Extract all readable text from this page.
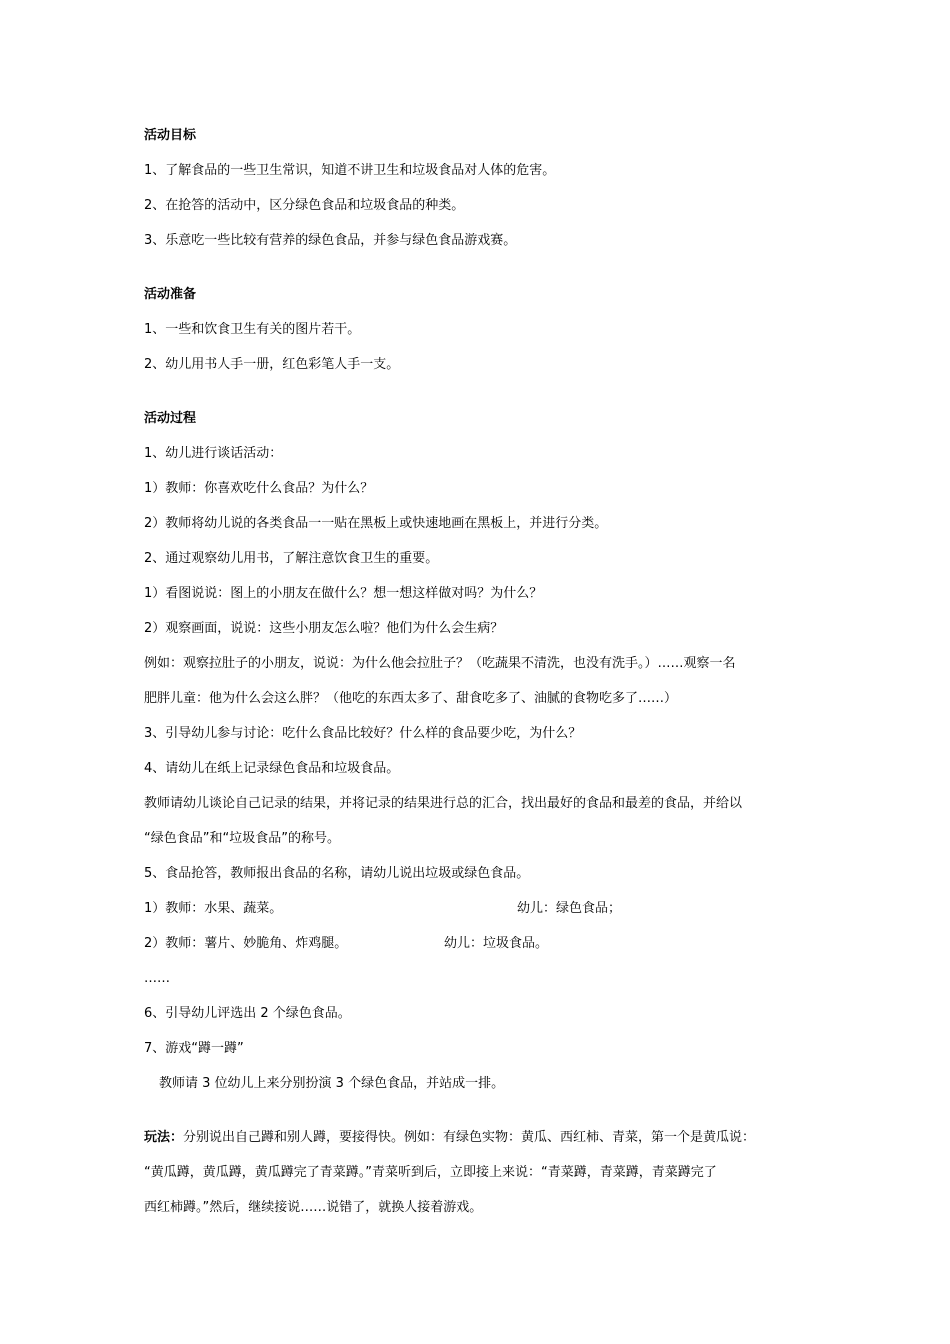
活动目标
1、了解食品的一些卫生常识，知道不讲卫生和垃圾食品对人体的危害。
2、在抢答的活动中，区分绿色食品和垃圾食品的种类。
3、乐意吃一些比较有营养的绿色食品，并参与绿色食品游戏赛。
活动准备
1、一些和饮食卫生有关的图片若干。
2、幼儿用书人手一册，红色彩笔人手一支。
活动过程
1、幼儿进行谈话活动：
1）教师：你喜欢吃什么食品？为什么？
2）教师将幼儿说的各类食品一一贴在黑板上或快速地画在黑板上，并进行分类。
2、通过观察幼儿用书，了解注意饮食卫生的重要。
1）看图说说：图上的小朋友在做什么？想一想这样做对吗？为什么？
2）观察画面，说说：这些小朋友怎么啦？他们为什么会生病？
例如：观察拉肚子的小朋友，说说：为什么他会拉肚子？（吃蔬果不清洗，也没有洗手。）……观察一名
肥胖儿童：他为什么会这么胖？（他吃的东西太多了、甜食吃多了、油腻的食物吃多了……）
3、引导幼儿参与讨论：吃什么食品比较好？什么样的食品要少吃，为什么？
4、请幼儿在纸上记录绿色食品和垃圾食品。
教师请幼儿谈论自己记录的结果，并将记录的结果进行总的汇合，找出最好的食品和最差的食品，并给以
“绿色食品”和“垃圾食品”的称号。
5、食品抢答，教师报出食品的名称，请幼儿说出垃圾或绿色食品。
1）教师：水果、蔬菜。	幼儿：绿色食品；
2）教师：薯片、妙脆角、炸鸡腿。	幼儿：垃圾食品。
……
6、引导幼儿评选出 2 个绿色食品。
7、游戏“蹲一蹲”
教师请 3 位幼儿上来分别扮演 3 个绿色食品，并站成一排。
玩法：分别说出自己蹲和别人蹲，要接得快。例如：有绿色实物：黄瓜、西红柿、青菜，第一个是黄瓜说：
“黄瓜蹲，黄瓜蹲，黄瓜蹲完了青菜蹲。”青菜听到后，立即接上来说：“青菜蹲，青菜蹲，青菜蹲完了
西红柿蹲。”然后，继续接说……说错了，就换人接着游戏。
